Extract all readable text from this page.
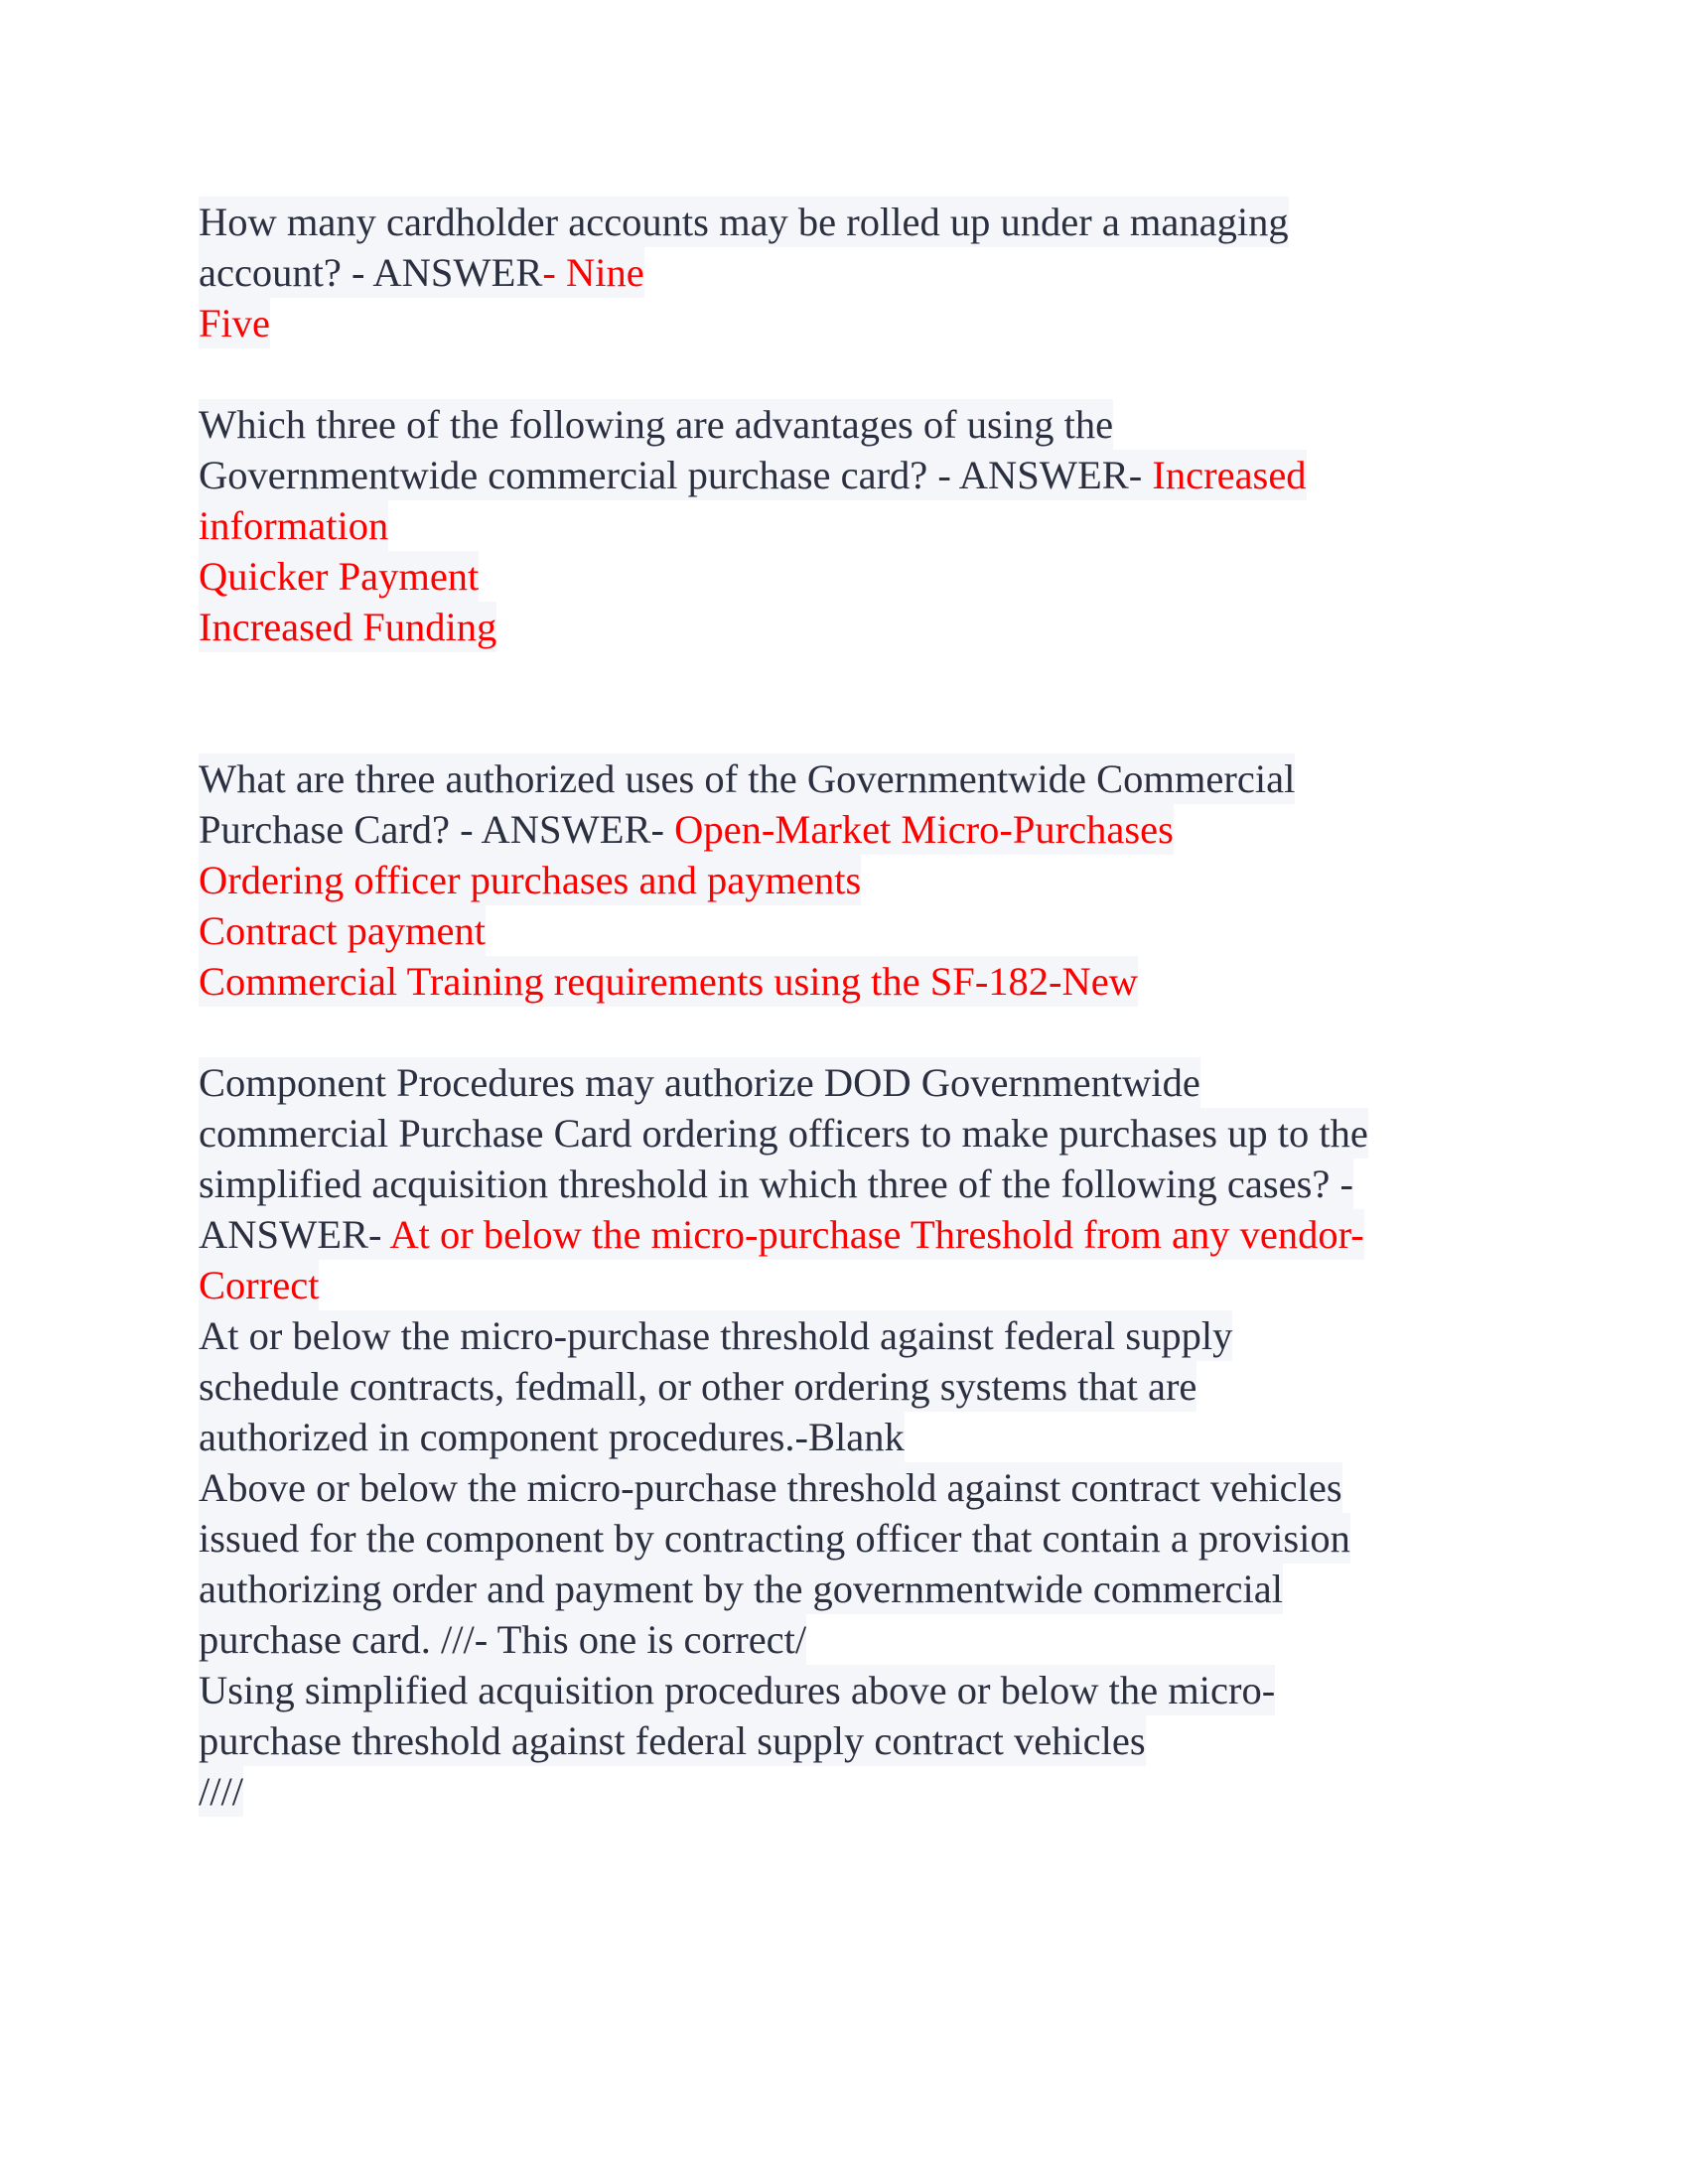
How many cardholder accounts may be rolled up under a managing
account? - ANSWER- Nine
Five
Which three of the following are advantages of using the
Governmentwide commercial purchase card? - ANSWER- Increased
information
Quicker Payment
Increased Funding
What are three authorized uses of the Governmentwide Commercial
Purchase Card? - ANSWER- Open-Market Micro-Purchases
Ordering officer purchases and payments
Contract payment
Commercial Training requirements using the SF-182-New
Component Procedures may authorize DOD Governmentwide
commercial Purchase Card ordering officers to make purchases up to the
simplified acquisition threshold in which three of the following cases? -
ANSWER- At or below the micro-purchase Threshold from any vendor-
Correct
At or below the micro-purchase threshold against federal supply
schedule contracts, fedmall, or other ordering systems that are
authorized in component procedures.-Blank
Above or below the micro-purchase threshold against contract vehicles
issued for the component by contracting officer that contain a provision
authorizing order and payment by the governmentwide commercial
purchase card. ///- This one is correct/
Using simplified acquisition procedures above or below the micro-
purchase threshold against federal supply contract vehicles
////
